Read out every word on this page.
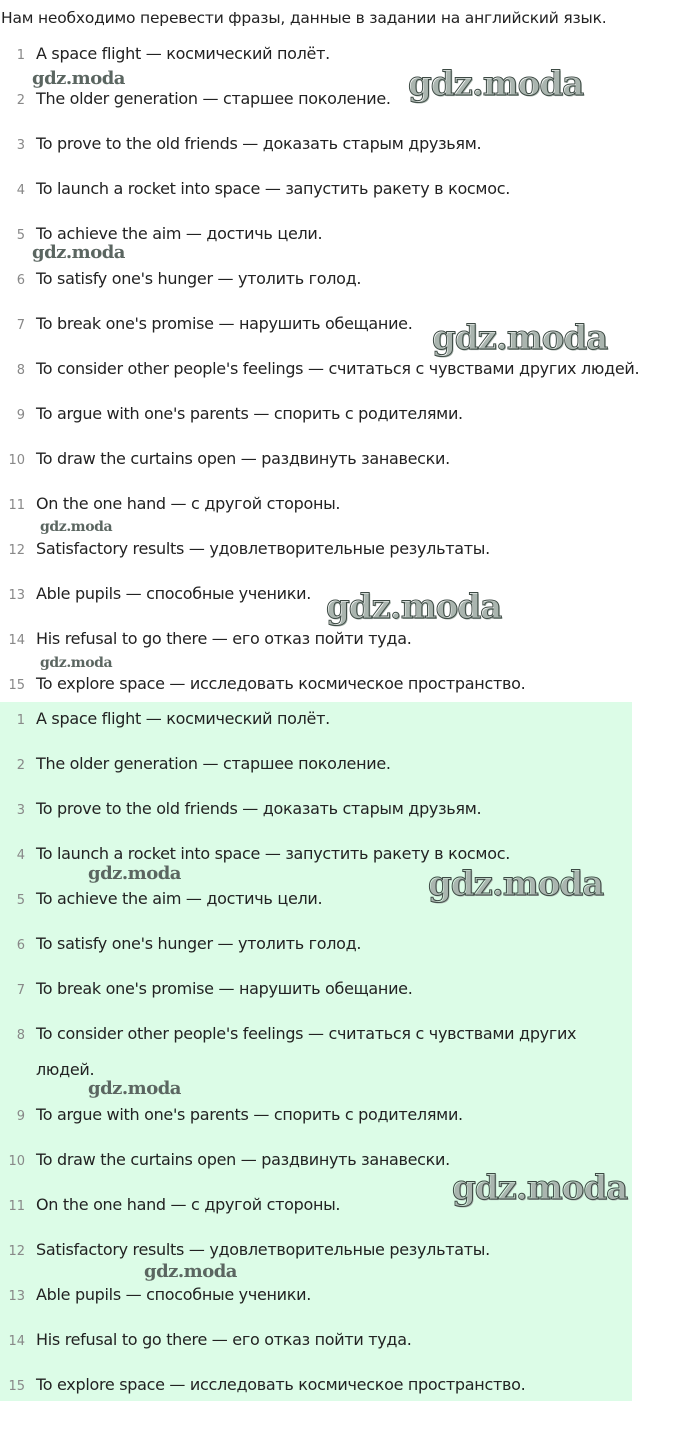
Нам необходимо перевести фразы, данные в задании на английский язык.
1 A space flight — космический полёт.
2 The older generation — старшее поколение.
3 To prove to the old friends — доказать старым друзьям.
4 To launch a rocket into space — запустить ракету в космос.
5 To achieve the aim — достичь цели.
6 To satisfy one's hunger — утолить голод.
7 To break one's promise — нарушить обещание.
8 To consider other people's feelings — считаться с чувствами других людей.
9 To argue with one's parents — спорить с родителями.
10 To draw the curtains open — раздвинуть занавески.
11 On the one hand — с другой стороны.
12 Satisfactory results — удовлетворительные результаты.
13 Able pupils — способные ученики.
14 His refusal to go there — его отказ пойти туда.
15 To explore space — исследовать космическое пространство.
1 A space flight — космический полёт.
2 The older generation — старшее поколение.
3 To prove to the old friends — доказать старым друзьям.
4 To launch a rocket into space — запустить ракету в космос.
5 To achieve the aim — достичь цели.
6 To satisfy one's hunger — утолить голод.
7 To break one's promise — нарушить обещание.
8 To consider other people's feelings — считаться с чувствами других людей.
9 To argue with one's parents — спорить с родителями.
10 To draw the curtains open — раздвинуть занавески.
11 On the one hand — с другой стороны.
12 Satisfactory results — удовлетворительные результаты.
13 Able pupils — способные ученики.
14 His refusal to go there — его отказ пойти туда.
15 To explore space — исследовать космическое пространство.
gdz.moda	gdz.moda
gdz.moda
gdz.moda
gdz.moda
gdz.moda
gdz.moda
gdz.moda
gdz.moda
gdz.moda
